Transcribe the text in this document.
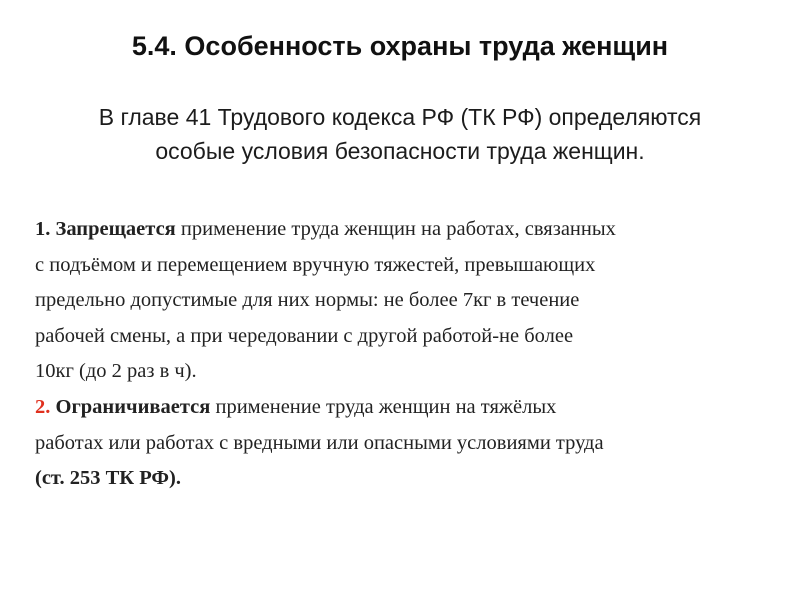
5.4. Особенность охраны труда женщин
В главе 41 Трудового кодекса РФ (ТК РФ) определяются
особые условия безопасности труда женщин.

1. Запрещается применение труда женщин на работах, связанных

с подъёмом и перемещением вручную тяжестей, превышающих

предельно допустимые для них нормы: не более 7кг в течение

рабочей смены, а при чередовании с другой работой-не более

10кг (до 2 раз в ч).

2. Ограничивается применение труда женщин на тяжёлых

работах или работах с вредными или опасными условиями труда

(ст. 253 ТК РФ).
